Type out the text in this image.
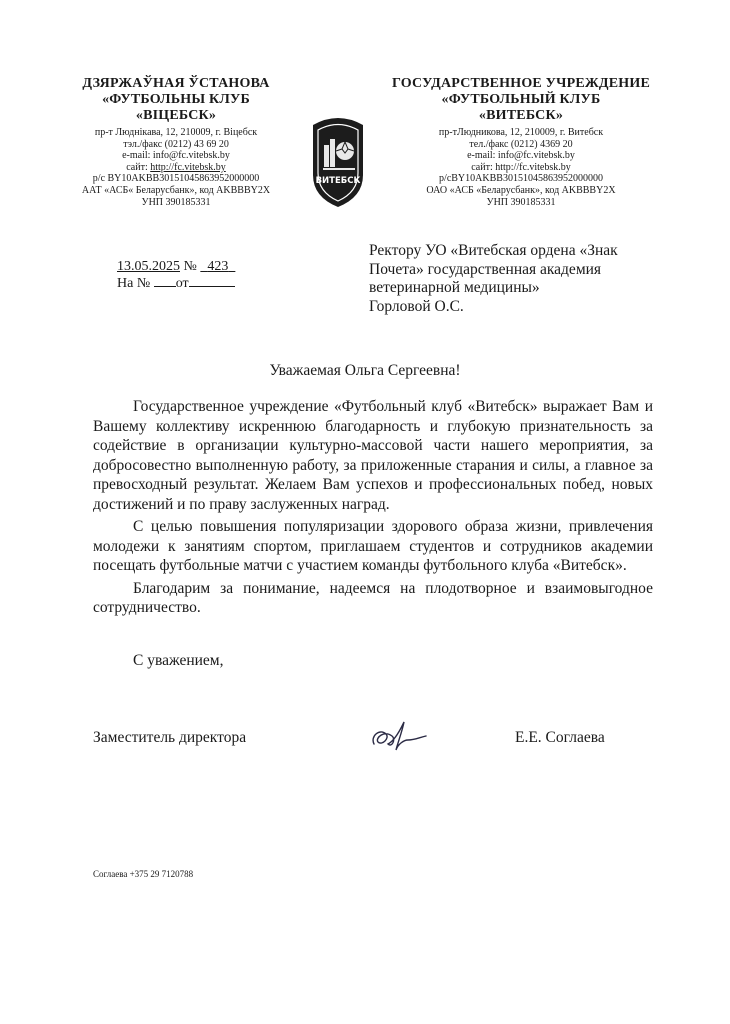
ДЗЯРЖАЎНАЯ ЎСТАНОВА
«ФУТБОЛЬНЫ КЛУБ
«ВІЦЕБСК»
пр-т Люднікава, 12, 210009, г. Віцебск
тэл./факс (0212) 43 69 20
e-mail: info@fc.vitebsk.by
сайт: http://fc.vitebsk.by
р/с BY10AKBB30151045863952000000
ААТ «АСБ« Беларусбанк», код AKBBBY2X
УНП 390185331
ВИТЕБСК
ГОСУДАРСТВЕННОЕ УЧРЕЖДЕНИЕ
«ФУТБОЛЬНЫЙ КЛУБ
«ВИТЕБСК»
пр-тЛюдникова, 12, 210009, г. Витебск
тел./факс (0212) 4369 20
e-mail: info@fc.vitebsk.by
сайт: http://fc.vitebsk.by
р/cBY10AKBB30151045863952000000
ОАО «АСБ «Беларусбанк», код AKBBBY2X
УНП 390185331
13.05.2025 № 423
На № от
Ректору УО «Витебская ордена «Знак
Почета» государственная академия
ветеринарной медицины»
Горловой О.С.
Уважаемая Ольга Сергеевна!

Государственное учреждение «Футбольный клуб «Витебск» выражает Вам и Вашему коллективу искреннюю благодарность и глубокую признательность за содействие в организации культурно-массовой части нашего мероприятия, за добросовестно выполненную работу, за приложенные старания и силы, а главное за превосходный результат. Желаем Вам успехов и профессиональных побед, новых достижений и по праву заслуженных наград.

С целью повышения популяризации здорового образа жизни, привлечения молодежи к занятиям спортом, приглашаем студентов и сотрудников академии посещать футбольные матчи с участием команды футбольного клуба «Витебск».

Благодарим за понимание, надеемся на плодотворное и взаимовыгодное сотрудничество.

С уважением,
Заместитель директора	Е.Е. Соглаева
Соглаева +375 29 7120788
